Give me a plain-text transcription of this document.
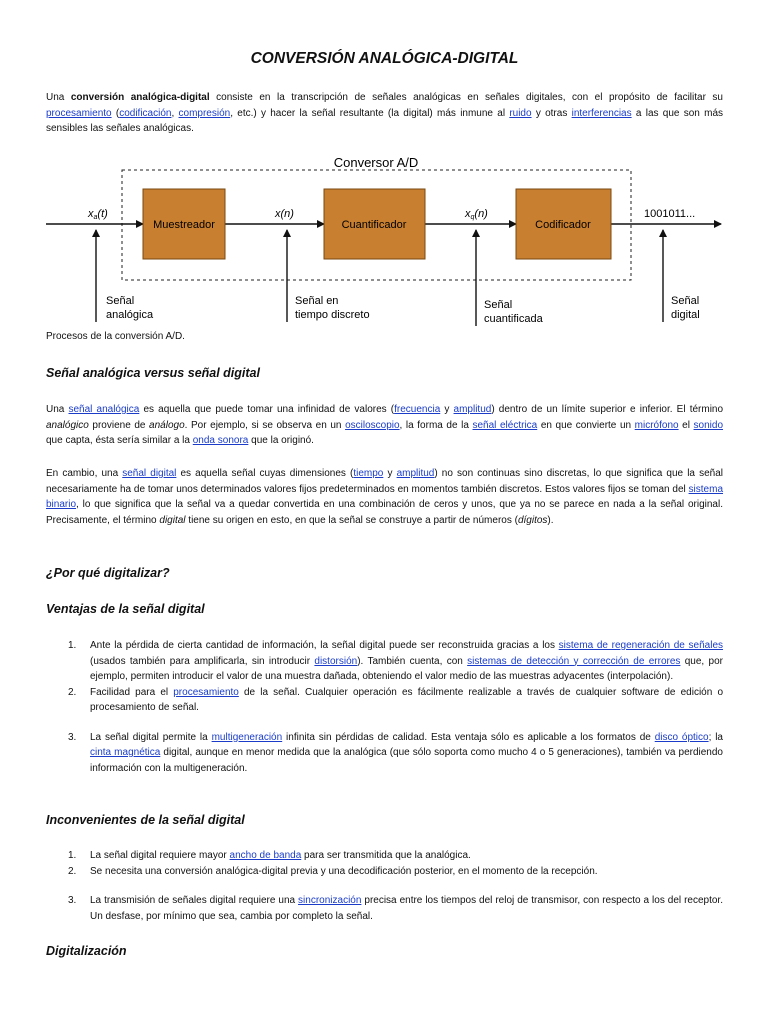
CONVERSIÓN ANALÓGICA-DIGITAL

Una conversión analógica-digital consiste en la transcripción de señales analógicas en señales digitales, con el propósito de facilitar su procesamiento (codificación, compresión, etc.) y hacer la señal resultante (la digital) más inmune al ruido y otras interferencias a las que son más sensibles las señales analógicas.

Conversor A/D
Muestreador	Cuantificador	Codificador
xa(t)	x(n)	xq(n)	1001011...
Señal
analógica
Señal en
tiempo discreto
Señal
cuantificada
Señal
digital
Procesos de la conversión A/D.
Señal analógica versus señal digital

Una señal analógica es aquella que puede tomar una infinidad de valores (frecuencia y amplitud) dentro de un límite superior e inferior. El término analógico proviene de análogo. Por ejemplo, si se observa en un osciloscopio, la forma de la señal eléctrica en que convierte un micrófono el sonido que capta, ésta sería similar a la onda sonora que la originó.

En cambio, una señal digital es aquella señal cuyas dimensiones (tiempo y amplitud) no son continuas sino discretas, lo que significa que la señal necesariamente ha de tomar unos determinados valores fijos predeterminados en momentos también discretos. Estos valores fijos se toman del sistema binario, lo que significa que la señal va a quedar convertida en una combinación de ceros y unos, que ya no se parece en nada a la señal original. Precisamente, el término digital tiene su origen en esto, en que la señal se construye a partir de números (dígitos).

¿Por qué digitalizar?
Ventajas de la señal digital
1. Ante la pérdida de cierta cantidad de información, la señal digital puede ser reconstruida gracias a los sistema de regeneración de señales (usados también para amplificarla, sin introducir distorsión). También cuenta, con sistemas de detección y corrección de errores que, por ejemplo, permiten introducir el valor de una muestra dañada, obteniendo el valor medio de las muestras adyacentes (interpolación).
2. Facilidad para el procesamiento de la señal. Cualquier operación es fácilmente realizable a través de cualquier software de edición o procesamiento de señal.
3. La señal digital permite la multigeneración infinita sin pérdidas de calidad. Esta ventaja sólo es aplicable a los formatos de disco óptico; la cinta magnética digital, aunque en menor medida que la analógica (que sólo soporta como mucho 4 o 5 generaciones), también va perdiendo información con la multigeneración.
Inconvenientes de la señal digital
1. La señal digital requiere mayor ancho de banda para ser transmitida que la analógica.
2. Se necesita una conversión analógica-digital previa y una decodificación posterior, en el momento de la recepción.
3. La transmisión de señales digital requiere una sincronización precisa entre los tiempos del reloj de transmisor, con respecto a los del receptor. Un desfase, por mínimo que sea, cambia por completo la señal.
Digitalización
